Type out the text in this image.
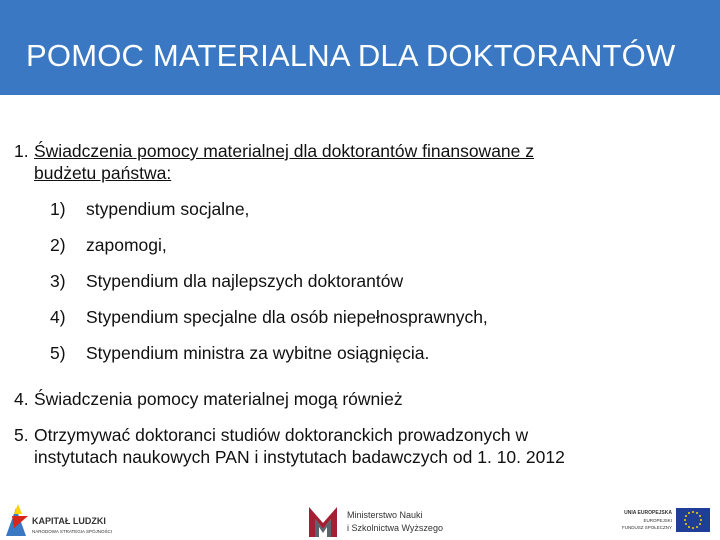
POMOC MATERIALNA DLA DOKTORANTÓW
1. Świadczenia pomocy materialnej dla doktorantów finansowane z
budżetu państwa:
1) stypendium socjalne,
2) zapomogi,
3) Stypendium dla najlepszych doktorantów
4) Stypendium specjalne dla osób niepełnosprawnych,
5) Stypendium ministra za wybitne osiągnięcia.
4. Świadczenia pomocy materialnej mogą również
5. Otrzymywać doktoranci studiów doktoranckich prowadzonych w
instytutach naukowych PAN i instytutach badawczych od 1. 10. 2012
KAPITAŁ LUDZKI
NARODOWA STRATEGIA SPÓJNOŚCI
Ministerstwo Nauki
i Szkolnictwa Wyższego
UNIA EUROPEJSKA
EUROPEJSKI
FUNDUSZ SPOŁECZNY
